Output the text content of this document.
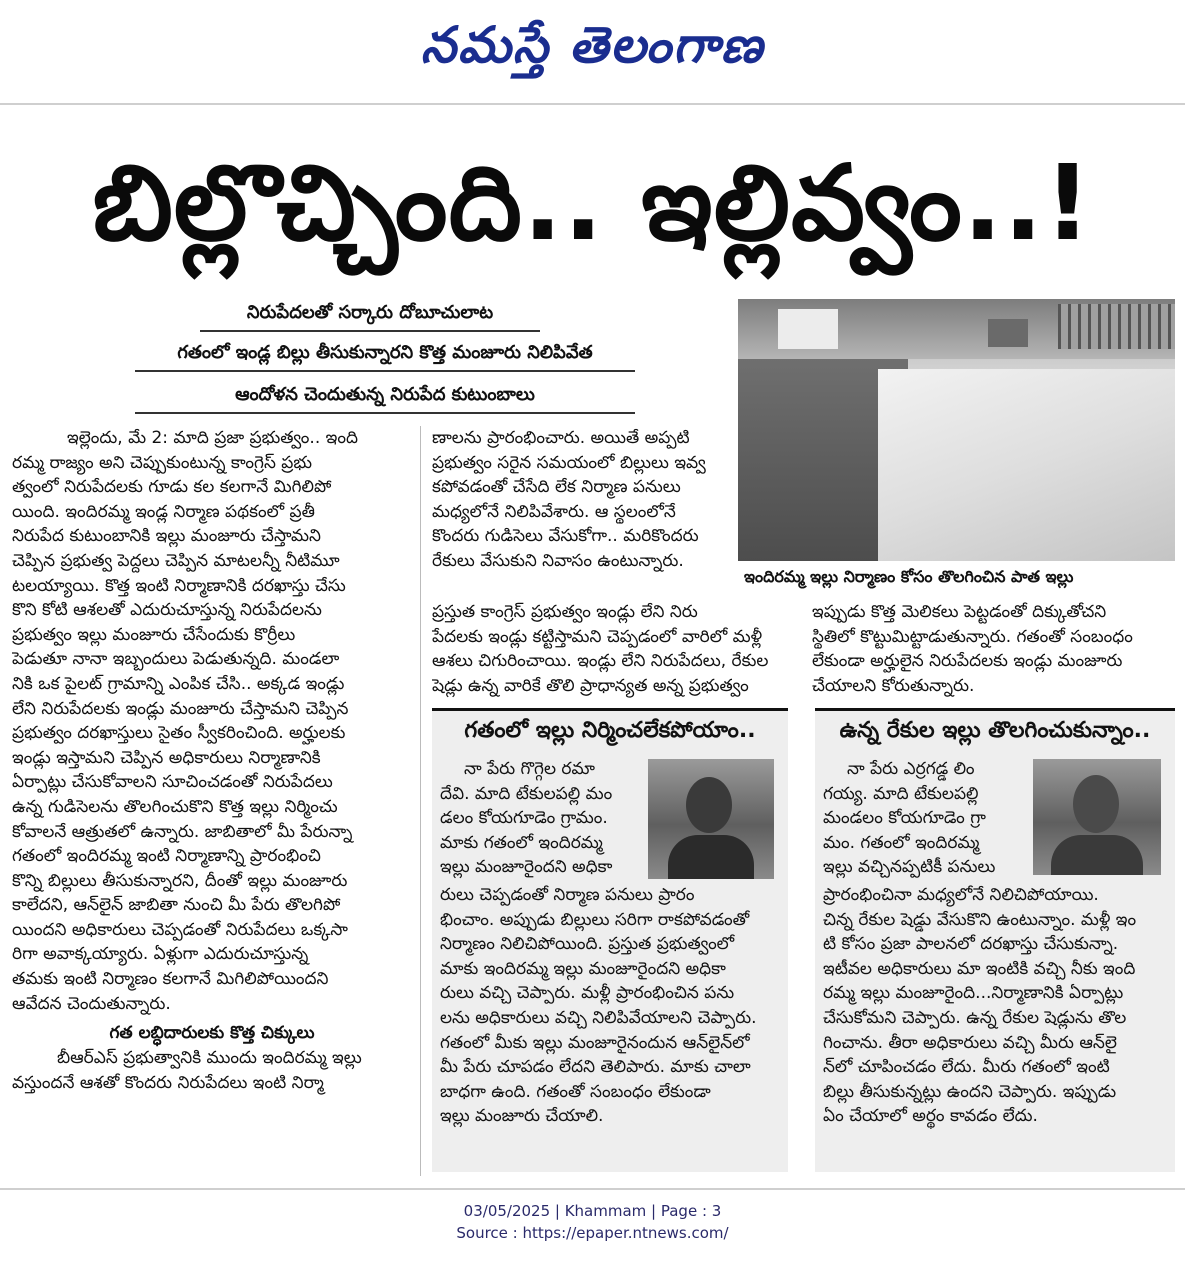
నమస్తే తెలంగాణ
బిల్లొచ్చింది.. ఇల్లివ్వం..!
నిరుపేదలతో సర్కారు దోబూచులాట
గతంలో ఇండ్ల బిల్లు తీసుకున్నారని కొత్త మంజూరు నిలిపివేత
ఆందోళన చెందుతున్న నిరుపేద కుటుంబాలు
ఇందిరమ్మ ఇల్లు నిర్మాణం కోసం తొలగించిన పాత ఇల్లు
ఇల్లెందు, మే 2: మాది ప్రజా ప్రభుత్వం.. ఇంది
రమ్మ రాజ్యం అని చెప్పుకుంటున్న కాంగ్రెస్ ప్రభు
త్వంలో నిరుపేదలకు గూడు కల కలగానే మిగిలిపో
యింది. ఇందిరమ్మ ఇండ్ల నిర్మాణ పథకంలో ప్రతీ
నిరుపేద కుటుంబానికి ఇల్లు మంజూరు చేస్తామని
చెప్పిన ప్రభుత్వ పెద్దలు చెప్పిన మాటలన్నీ నీటిమూ
టలయ్యాయి. కొత్త ఇంటి నిర్మాణానికి దరఖాస్తు చేసు
కొని కోటి ఆశలతో ఎదురుచూస్తున్న నిరుపేదలను
ప్రభుత్వం ఇల్లు మంజూరు చేసేందుకు కొర్రీలు
పెడుతూ నానా ఇబ్బందులు పెడుతున్నది. మండలా
నికి ఒక పైలట్ గ్రామాన్ని ఎంపిక చేసి.. అక్కడ ఇండ్లు
లేని నిరుపేదలకు ఇండ్లు మంజూరు చేస్తామని చెప్పిన
ప్రభుత్వం దరఖాస్తులు సైతం స్వీకరించింది. అర్హులకు
ఇండ్లు ఇస్తామని చెప్పిన అధికారులు నిర్మాణానికి
ఏర్పాట్లు చేసుకోవాలని సూచించడంతో నిరుపేదలు
ఉన్న గుడిసెలను తొలగించుకొని కొత్త ఇల్లు నిర్మించు
కోవాలనే ఆత్రుతలో ఉన్నారు. జాబితాలో మీ పేరున్నా
గతంలో ఇందిరమ్మ ఇంటి నిర్మాణాన్ని ప్రారంభించి
కొన్ని బిల్లులు తీసుకున్నారని, దీంతో ఇల్లు మంజూరు
కాలేదని, ఆన్‌లైన్ జాబితా నుంచి మీ పేరు తొలగిపో
యిందని అధికారులు చెప్పడంతో నిరుపేదలు ఒక్కసా
రిగా అవాక్కయ్యారు. ఏళ్లుగా ఎదురుచూస్తున్న
తమకు ఇంటి నిర్మాణం కలగానే మిగిలిపోయిందని
ఆవేదన చెందుతున్నారు.
గత లబ్ధిదారులకు కొత్త చిక్కులు
బీఆర్‌ఎస్ ప్రభుత్వానికి ముందు ఇందిరమ్మ ఇల్లు
వస్తుందనే ఆశతో కొందరు నిరుపేదలు ఇంటి నిర్మా
ణాలను ప్రారంభించారు. అయితే అప్పటి
ప్రభుత్వం సరైన సమయంలో బిల్లులు ఇవ్వ
కపోవడంతో చేసేది లేక నిర్మాణ పనులు
మధ్యలోనే నిలిపివేశారు. ఆ స్థలంలోనే
కొందరు గుడిసెలు వేసుకోగా.. మరికొందరు
రేకులు వేసుకుని నివాసం ఉంటున్నారు.
ప్రస్తుత కాంగ్రెస్ ప్రభుత్వం ఇండ్లు లేని నిరు
పేదలకు ఇండ్లు కట్టిస్తామని చెప్పడంలో వారిలో మళ్లీ
ఆశలు చిగురించాయి. ఇండ్లు లేని నిరుపేదలు, రేకుల
షెడ్లు ఉన్న వారికే తొలి ప్రాధాన్యత అన్న ప్రభుత్వం
ఇప్పుడు కొత్త మెలికలు పెట్టడంతో దిక్కుతోచని
స్థితిలో కొట్టుమిట్టాడుతున్నారు. గతంతో సంబంధం
లేకుండా అర్హులైన నిరుపేదలకు ఇండ్లు మంజూరు
చేయాలని కోరుతున్నారు.
గతంలో ఇల్లు నిర్మించలేకపోయాం..
నా పేరు గొగ్గెల రమా
దేవి. మాది టేకులపల్లి మం
డలం కోయగూడెం గ్రామం.
మాకు గతంలో ఇందిరమ్మ
ఇల్లు మంజూరైందని అధికా
రులు చెప్పడంతో నిర్మాణ పనులు ప్రారం
భించాం. అప్పుడు బిల్లులు సరిగా రాకపోవడంతో
నిర్మాణం నిలిచిపోయింది. ప్రస్తుత ప్రభుత్వంలో
మాకు ఇందిరమ్మ ఇల్లు మంజూరైందని అధికా
రులు వచ్చి చెప్పారు. మళ్లీ ప్రారంభించిన పను
లను అధికారులు వచ్చి నిలిపివేయాలని చెప్పారు.
గతంలో మీకు ఇల్లు మంజూరైనందున ఆన్‌లైన్‌లో
మీ పేరు చూపడం లేదని తెలిపారు. మాకు చాలా
బాధగా ఉంది. గతంతో సంబంధం లేకుండా
ఇల్లు మంజూరు చేయాలి.
ఉన్న రేకుల ఇల్లు తొలగించుకున్నాం..
నా పేరు ఎర్రగడ్డ లిం
గయ్య. మాది టేకులపల్లి
మండలం కోయగూడెం గ్రా
మం. గతంలో ఇందిరమ్మ
ఇల్లు వచ్చినప్పటికీ పనులు
ప్రారంభించినా మధ్యలోనే నిలిచిపోయాయి.
చిన్న రేకుల షెడ్డు వేసుకొని ఉంటున్నాం. మళ్లీ ఇం
టి కోసం ప్రజా పాలనలో దరఖాస్తు చేసుకున్నా.
ఇటీవల అధికారులు మా ఇంటికి వచ్చి నీకు ఇంది
రమ్మ ఇల్లు మంజూరైంది...నిర్మాణానికి ఏర్పాట్లు
చేసుకోమని చెప్పారు. ఉన్న రేకుల షెడ్లును తొల
గించాను. తీరా అధికారులు వచ్చి మీరు ఆన్‌లై
న్‌లో చూపించడం లేదు. మీరు గతంలో ఇంటి
బిల్లు తీసుకున్నట్లు ఉందని చెప్పారు. ఇప్పుడు
ఏం చేయాలో అర్థం కావడం లేదు.
03/05/2025 | Khammam | Page : 3
Source : https://epaper.ntnews.com/
